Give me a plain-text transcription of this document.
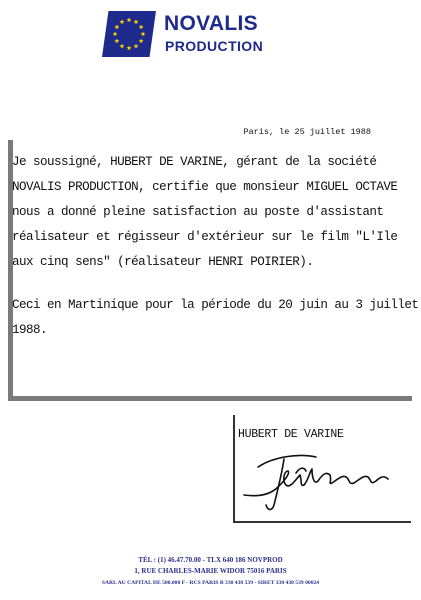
NOVALIS
PRODUCTION
Paris, le 25 juillet 1988

Je soussigné, HUBERT DE VARINE, gérant de la société
NOVALIS PRODUCTION, certifie que monsieur MIGUEL OCTAVE
nous a donné pleine satisfaction au poste d'assistant
réalisateur et régisseur d'extérieur sur le film "L'Ile
aux cinq sens" (réalisateur HENRI POIRIER).

Ceci en Martinique pour la période du 20 juin au 3 juillet
1988.

HUBERT DE VARINE
TÉL : (1) 46.47.70.00 - TLX 640 186 NOVPROD
1, RUE CHARLES-MARIE WIDOR 75016 PARIS
SARL AU CAPITAL DE 500.000 F - RCS PARIS B 330 430 539 - SIRET 330 430 539 00024
